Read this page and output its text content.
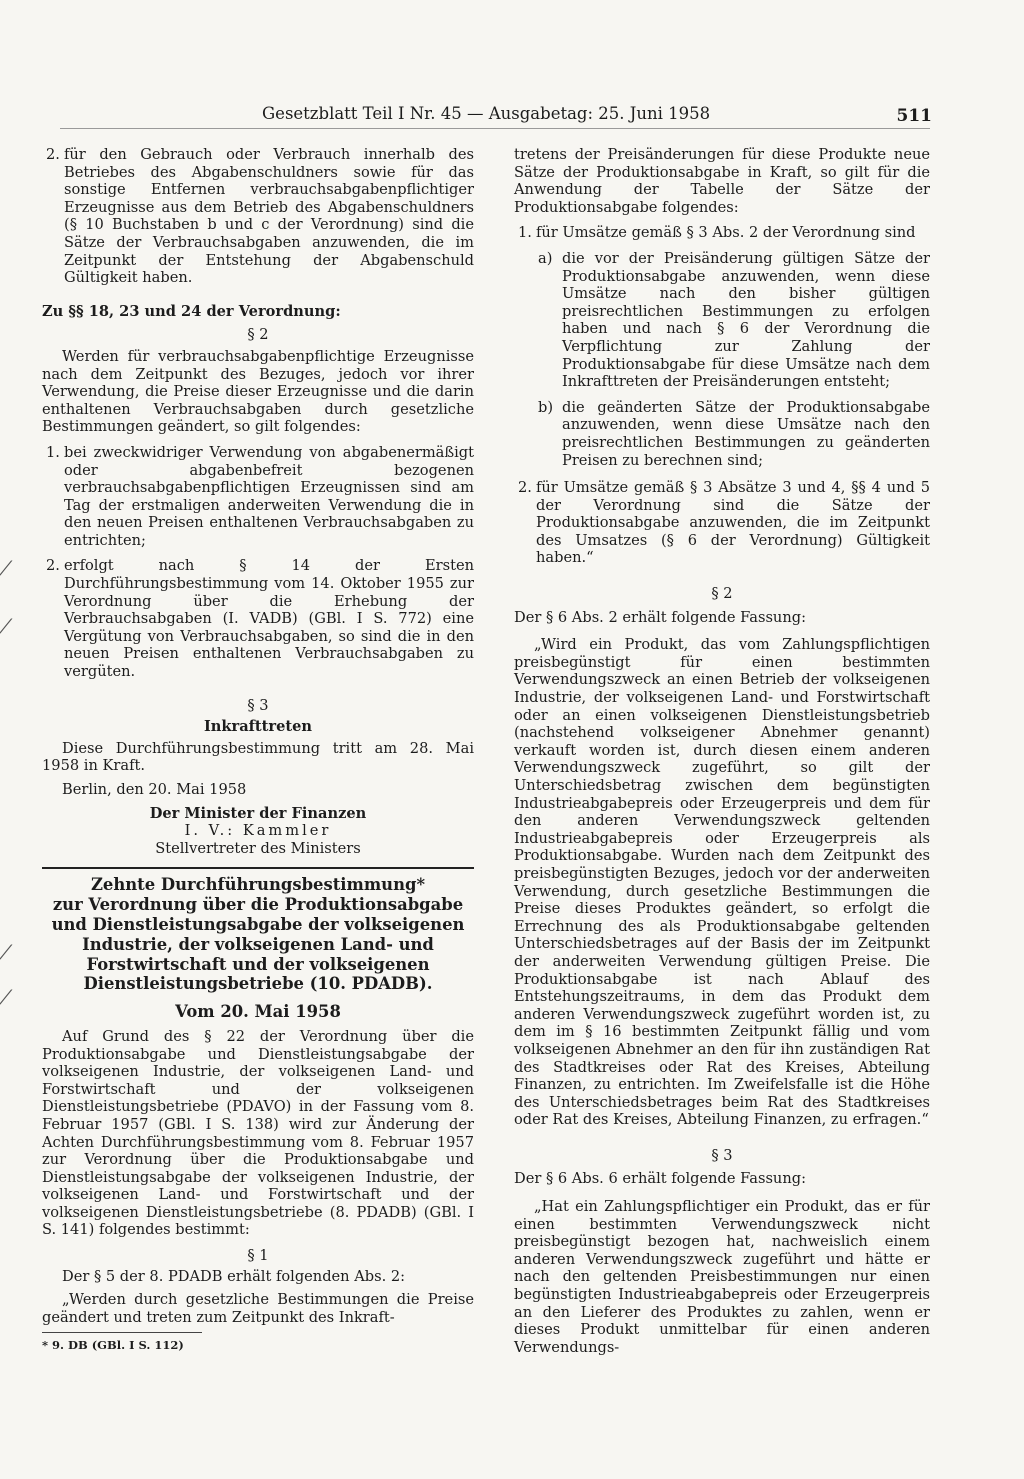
Gesetzblatt Teil I Nr. 45 — Ausgabetag: 25. Juni 1958	511
⁄
⁄
⁄
⁄
2. für den Gebrauch oder Verbrauch innerhalb des Betriebes des Abgabenschuldners sowie für das sonstige Entfernen verbrauchsabgabenpflichtiger Erzeugnisse aus dem Betrieb des Abgabenschuldners (§ 10 Buchstaben b und c der Verordnung) sind die Sätze der Verbrauchsabgaben anzuwenden, die im Zeitpunkt der Entstehung der Abgabenschuld Gültigkeit haben.

Zu §§ 18, 23 und 24 der Verordnung:

§ 2

Werden für verbrauchsabgabenpflichtige Erzeugnisse nach dem Zeitpunkt des Bezuges, jedoch vor ihrer Verwendung, die Preise dieser Erzeugnisse und die darin enthaltenen Verbrauchsabgaben durch gesetzliche Bestimmungen geändert, so gilt folgendes:

1. bei zweckwidriger Verwendung von abgabenermäßigt oder abgabenbefreit bezogenen verbrauchsabgabenpflichtigen Erzeugnissen sind am Tag der erstmaligen anderweiten Verwendung die in den neuen Preisen enthaltenen Verbrauchsabgaben zu entrichten;
2. erfolgt nach § 14 der Ersten Durchführungsbestimmung vom 14. Oktober 1955 zur Verordnung über die Erhebung der Verbrauchsabgaben (I. VADB) (GBl. I S. 772) eine Vergütung von Verbrauchsabgaben, so sind die in den neuen Preisen enthaltenen Verbrauchsabgaben zu vergüten.

§ 3

Inkrafttreten

Diese Durchführungsbestimmung tritt am 28. Mai 1958 in Kraft.

Berlin, den 20. Mai 1958

Der Minister der Finanzen

I. V.: Kammler

Stellvertreter des Ministers

Zehnte Durchführungsbestimmung*

zur Verordnung über die Produktionsabgabe und Dienstleistungsabgabe der volkseigenen Industrie, der volkseigenen Land- und Forstwirtschaft und der volkseigenen Dienstleistungsbetriebe (10. PDADB).

Vom 20. Mai 1958

Auf Grund des § 22 der Verordnung über die Produktionsabgabe und Dienstleistungsabgabe der volkseigenen Industrie, der volkseigenen Land- und Forstwirtschaft und der volkseigenen Dienstleistungsbetriebe (PDAVO) in der Fassung vom 8. Februar 1957 (GBl. I S. 138) wird zur Änderung der Achten Durchführungsbestimmung vom 8. Februar 1957 zur Verordnung über die Produktionsabgabe und Dienstleistungsabgabe der volkseigenen Industrie, der volkseigenen Land- und Forstwirtschaft und der volkseigenen Dienstleistungsbetriebe (8. PDADB) (GBl. I S. 141) folgendes bestimmt:

§ 1

Der § 5 der 8. PDADB erhält folgenden Abs. 2:

„Werden durch gesetzliche Bestimmungen die Preise geändert und treten zum Zeitpunkt des Inkraft-

* 9. DB (GBl. I S. 112)

tretens der Preisänderungen für diese Produkte neue Sätze der Produktionsabgabe in Kraft, so gilt für die Anwendung der Tabelle der Sätze der Produktionsabgabe folgendes:

1. für Umsätze gemäß § 3 Abs. 2 der Verordnung sind
a) die vor der Preisänderung gültigen Sätze der Produktionsabgabe anzuwenden, wenn diese Umsätze nach den bisher gültigen preisrechtlichen Bestimmungen zu erfolgen haben und nach § 6 der Verordnung die Verpflichtung zur Zahlung der Produktionsabgabe für diese Umsätze nach dem Inkrafttreten der Preisänderungen entsteht;
b) die geänderten Sätze der Produktionsabgabe anzuwenden, wenn diese Umsätze nach den preisrechtlichen Bestimmungen zu geänderten Preisen zu berechnen sind;
2. für Umsätze gemäß § 3 Absätze 3 und 4, §§ 4 und 5 der Verordnung sind die Sätze der Produktionsabgabe anzuwenden, die im Zeitpunkt des Umsatzes (§ 6 der Verordnung) Gültigkeit haben.“

§ 2

Der § 6 Abs. 2 erhält folgende Fassung:

„Wird ein Produkt, das vom Zahlungspflichtigen preisbegünstigt für einen bestimmten Verwendungszweck an einen Betrieb der volkseigenen Industrie, der volkseigenen Land- und Forstwirtschaft oder an einen volkseigenen Dienstleistungsbetrieb (nachstehend volkseigener Abnehmer genannt) verkauft worden ist, durch diesen einem anderen Verwendungszweck zugeführt, so gilt der Unterschiedsbetrag zwischen dem begünstigten Industrieabgabepreis oder Erzeugerpreis und dem für den anderen Verwendungszweck geltenden Industrieabgabepreis oder Erzeugerpreis als Produktionsabgabe. Wurden nach dem Zeitpunkt des preisbegünstigten Bezuges, jedoch vor der anderweiten Verwendung, durch gesetzliche Bestimmungen die Preise dieses Produktes geändert, so erfolgt die Errechnung des als Produktionsabgabe geltenden Unterschiedsbetrages auf der Basis der im Zeitpunkt der anderweiten Verwendung gültigen Preise. Die Produktionsabgabe ist nach Ablauf des Entstehungszeitraums, in dem das Produkt dem anderen Verwendungszweck zugeführt worden ist, zu dem im § 16 bestimmten Zeitpunkt fällig und vom volkseigenen Abnehmer an den für ihn zuständigen Rat des Stadtkreises oder Rat des Kreises, Abteilung Finanzen, zu entrichten. Im Zweifelsfalle ist die Höhe des Unterschiedsbetrages beim Rat des Stadtkreises oder Rat des Kreises, Abteilung Finanzen, zu erfragen.“

§ 3

Der § 6 Abs. 6 erhält folgende Fassung:

„Hat ein Zahlungspflichtiger ein Produkt, das er für einen bestimmten Verwendungszweck nicht preisbegünstigt bezogen hat, nachweislich einem anderen Verwendungszweck zugeführt und hätte er nach den geltenden Preisbestimmungen nur einen begünstigten Industrieabgabepreis oder Erzeugerpreis an den Lieferer des Produktes zu zahlen, wenn er dieses Produkt unmittelbar für einen anderen Verwendungs-
